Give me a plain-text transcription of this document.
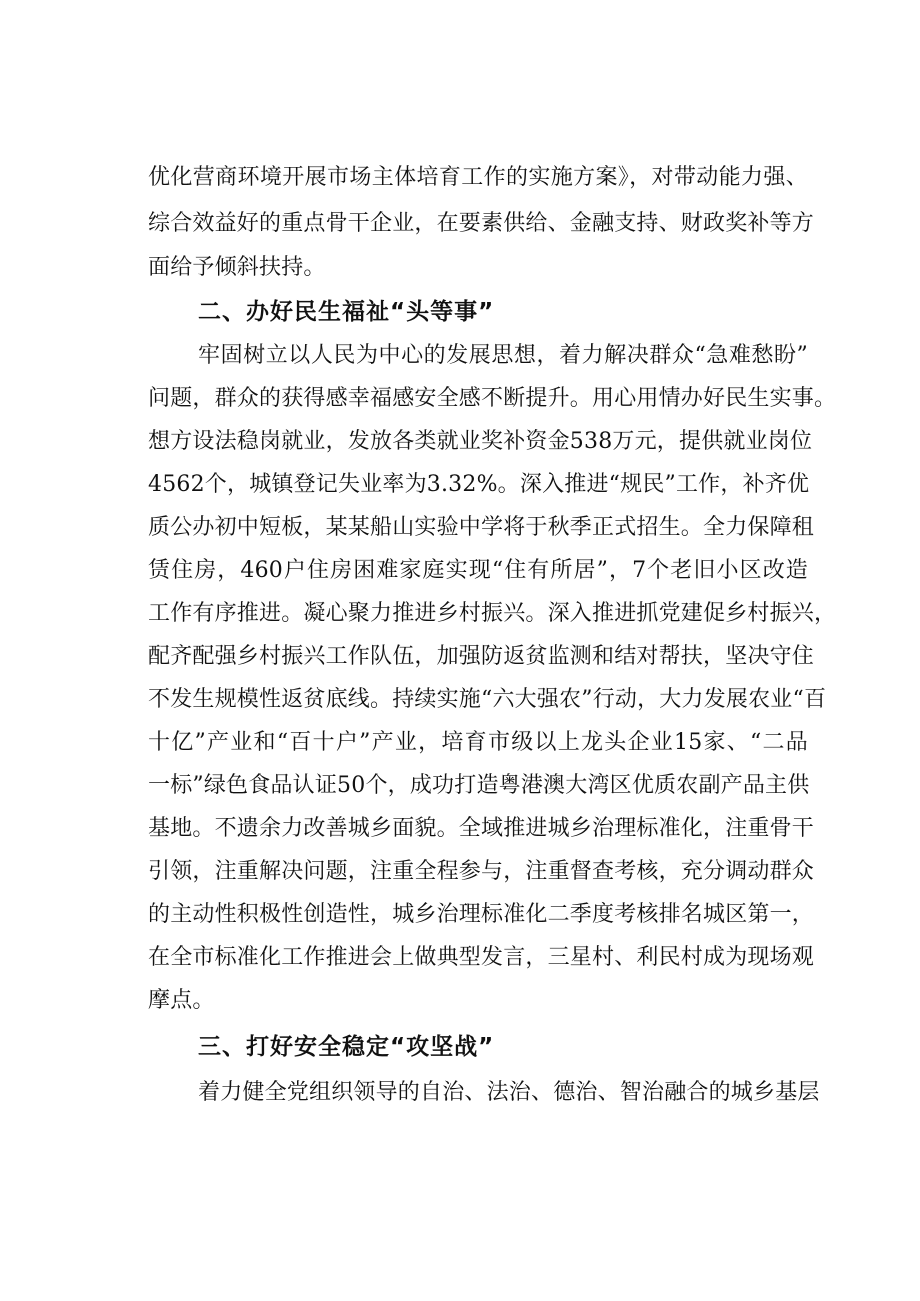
优化营商环境开展市场主体培育工作的实施方案》，对带动能力强、
综合效益好的重点骨干企业，在要素供给、金融支持、财政奖补等方
面给予倾斜扶持。
二、办好民生福祉“头等事”
牢固树立以人民为中心的发展思想，着力解决群众“急难愁盼”
问题，群众的获得感幸福感安全感不断提升。用心用情办好民生实事。
想方设法稳岗就业，发放各类就业奖补资金538万元，提供就业岗位
4562个，城镇登记失业率为3.32%。深入推进“规民”工作，补齐优
质公办初中短板，某某船山实验中学将于秋季正式招生。全力保障租
赁住房，460户住房困难家庭实现“住有所居”，7个老旧小区改造
工作有序推进。凝心聚力推进乡村振兴。深入推进抓党建促乡村振兴，
配齐配强乡村振兴工作队伍，加强防返贫监测和结对帮扶，坚决守住
不发生规模性返贫底线。持续实施“六大强农”行动，大力发展农业“百
十亿”产业和“百十户”产业，培育市级以上龙头企业15家、“二品
一标”绿色食品认证50个，成功打造粤港澳大湾区优质农副产品主供
基地。不遗余力改善城乡面貌。全域推进城乡治理标准化，注重骨干
引领，注重解决问题，注重全程参与，注重督查考核，充分调动群众
的主动性积极性创造性，城乡治理标准化二季度考核排名城区第一，
在全市标准化工作推进会上做典型发言，三星村、利民村成为现场观
摩点。
三、打好安全稳定“攻坚战”
着力健全党组织领导的自治、法治、德治、智治融合的城乡基层
